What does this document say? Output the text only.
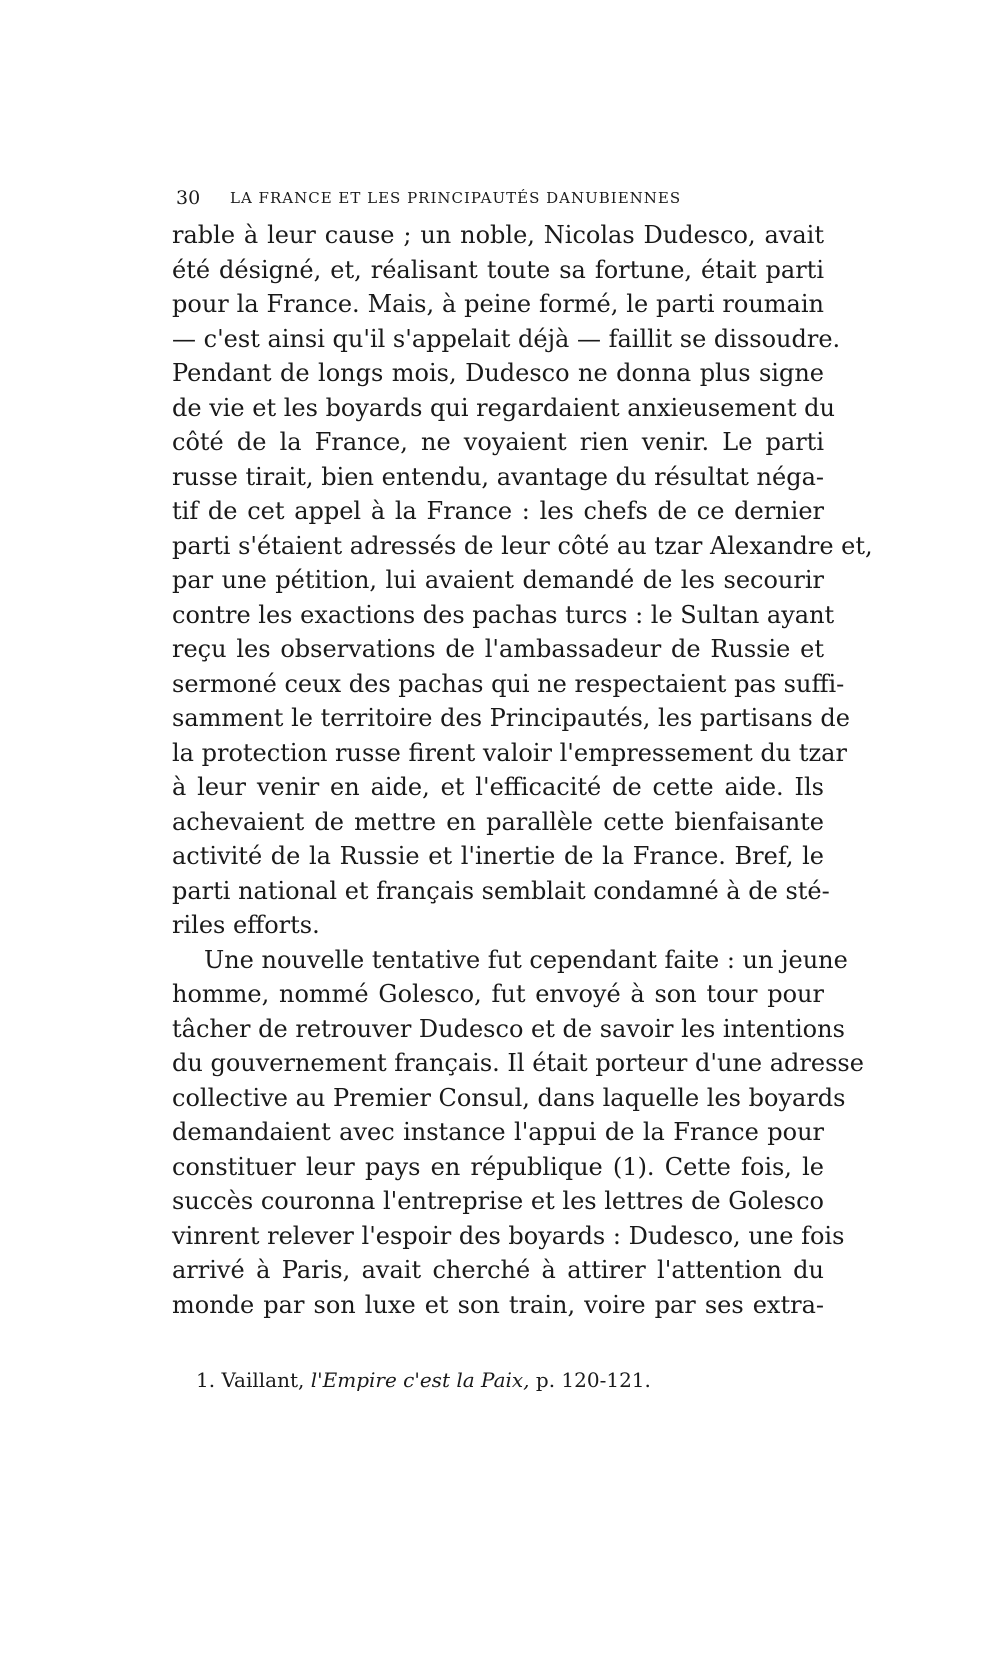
30 LA FRANCE ET LES PRINCIPAUTÉS DANUBIENNES
rable à leur cause ; un noble, Nicolas Dudesco, avait
été désigné, et, réalisant toute sa fortune, était parti
pour la France. Mais, à peine formé, le parti roumain
— c'est ainsi qu'il s'appelait déjà — faillit se dissoudre.
Pendant de longs mois, Dudesco ne donna plus signe
de vie et les boyards qui regardaient anxieusement du
côté de la France, ne voyaient rien venir. Le parti
russe tirait, bien entendu, avantage du résultat néga-
tif de cet appel à la France : les chefs de ce dernier
parti s'étaient adressés de leur côté au tzar Alexandre et,
par une pétition, lui avaient demandé de les secourir
contre les exactions des pachas turcs : le Sultan ayant
reçu les observations de l'ambassadeur de Russie et
sermoné ceux des pachas qui ne respectaient pas suffi-
samment le territoire des Principautés, les partisans de
la protection russe firent valoir l'empressement du tzar
à leur venir en aide, et l'efficacité de cette aide. Ils
achevaient de mettre en parallèle cette bienfaisante
activité de la Russie et l'inertie de la France. Bref, le
parti national et français semblait condamné à de sté-
riles efforts.
Une nouvelle tentative fut cependant faite : un jeune
homme, nommé Golesco, fut envoyé à son tour pour
tâcher de retrouver Dudesco et de savoir les intentions
du gouvernement français. Il était porteur d'une adresse
collective au Premier Consul, dans laquelle les boyards
demandaient avec instance l'appui de la France pour
constituer leur pays en république (1). Cette fois, le
succès couronna l'entreprise et les lettres de Golesco
vinrent relever l'espoir des boyards : Dudesco, une fois
arrivé à Paris, avait cherché à attirer l'attention du
monde par son luxe et son train, voire par ses extra-
1. Vaillant, l'Empire c'est la Paix, p. 120-121.
